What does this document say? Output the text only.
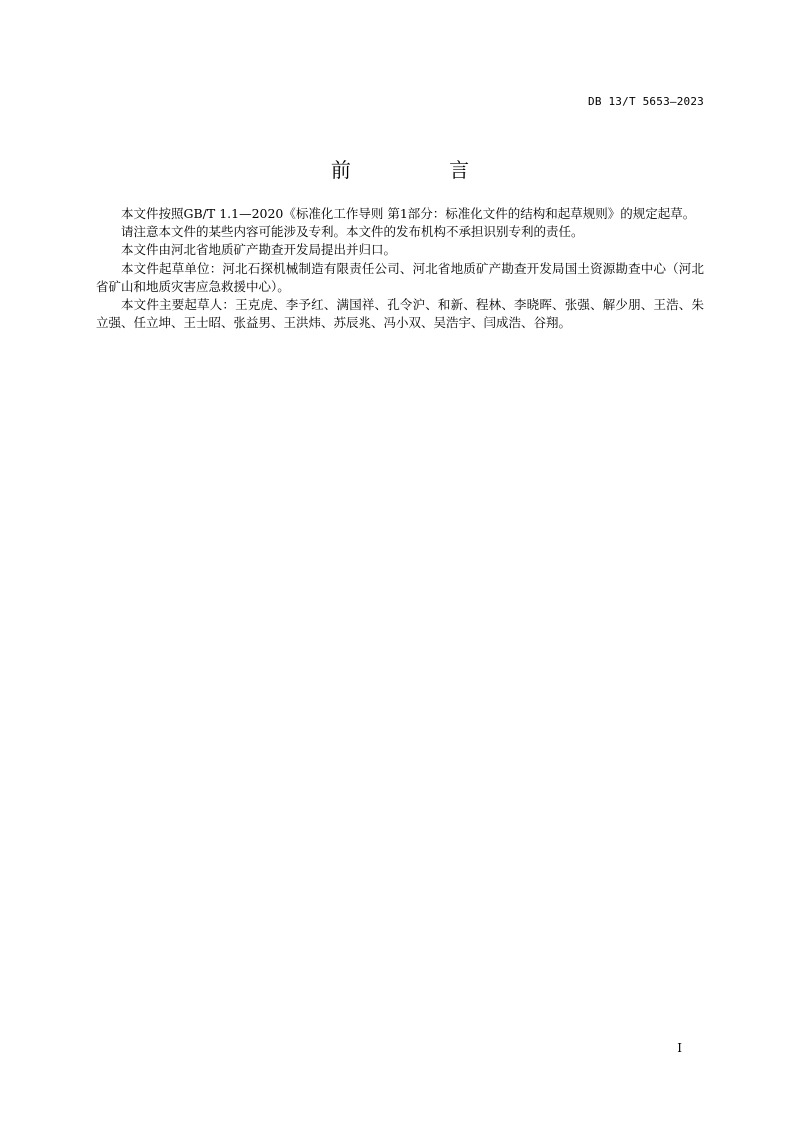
DB 13/T 5653—2023
前 言

本文件按照GB/T 1.1—2020《标准化工作导则 第1部分：标准化文件的结构和起草规则》的规定起草。

请注意本文件的某些内容可能涉及专利。本文件的发布机构不承担识别专利的责任。

本文件由河北省地质矿产勘查开发局提出并归口。

本文件起草单位：河北石探机械制造有限责任公司、河北省地质矿产勘查开发局国土资源勘查中心（河北省矿山和地质灾害应急救援中心）。

本文件主要起草人：王克虎、李予红、满国祥、孔令沪、和新、程林、李晓晖、张强、解少朋、王浩、朱立强、任立坤、王士昭、张益男、王洪炜、苏辰兆、冯小双、吴浩宇、闫成浩、谷翔。

I
